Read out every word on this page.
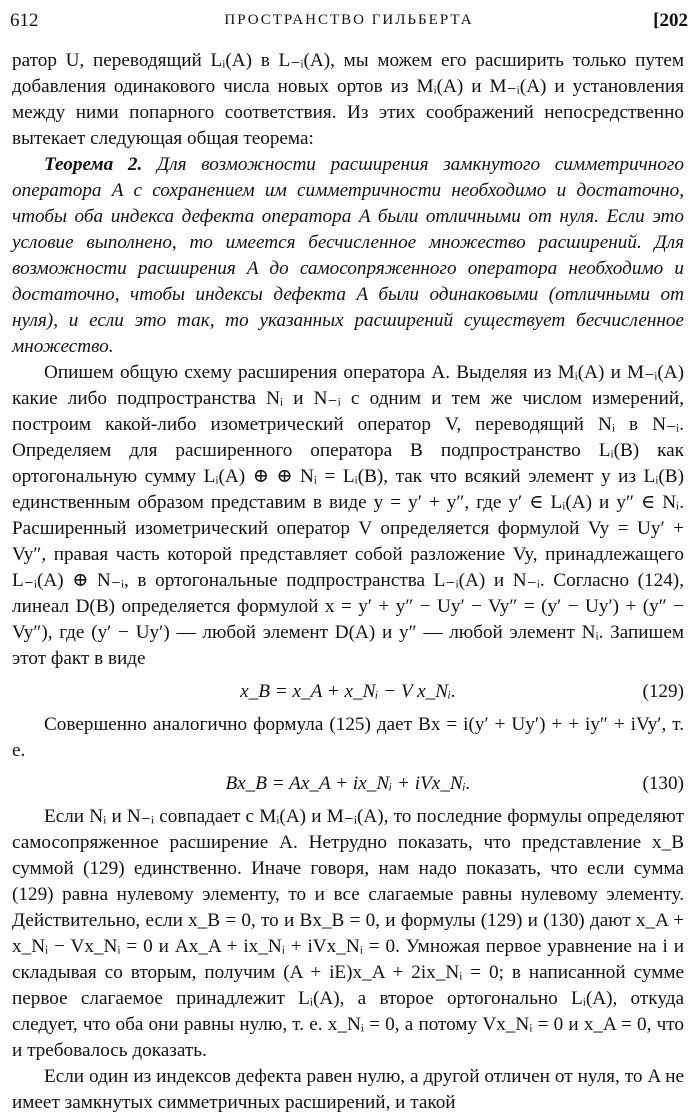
612	ПРОСТРАНСТВО ГИЛЬБЕРТА	[202

ратор U, переводящий Lᵢ(A) в L₋ᵢ(A), мы можем его расширить только путем добавления одинакового числа новых ортов из Mᵢ(A) и M₋ᵢ(A) и установления между ними попарного соответствия. Из этих соображений непосредственно вытекает следующая общая теорема:

Теорема 2. Для возможности расширения замкнутого симметричного оператора A с сохранением им симметричности необходимо и достаточно, чтобы оба индекса дефекта оператора A были отличными от нуля. Если это условие выполнено, то имеется бесчисленное множество расширений. Для возможности расширения A до самосопряженного оператора необходимо и достаточно, чтобы индексы дефекта A были одинаковыми (отличными от нуля), и если это так, то указанных расширений существует бесчисленное множество.

Опишем общую схему расширения оператора A. Выделяя из Mᵢ(A) и M₋ᵢ(A) какие либо подпространства Nᵢ и N₋ᵢ с одним и тем же числом измерений, построим какой-либо изометрический оператор V, переводящий Nᵢ в N₋ᵢ. Определяем для расширенного оператора B подпространство Lᵢ(B) как ортогональную сумму Lᵢ(A) ⊕ ⊕ Nᵢ = Lᵢ(B), так что всякий элемент y из Lᵢ(B) единственным образом представим в виде y = y′ + y″, где y′ ∈ Lᵢ(A) и y″ ∈ Nᵢ. Расширенный изометрический оператор V определяется формулой Vy = Uy′ + Vy″, правая часть которой представляет собой разложение Vy, принадлежащего L₋ᵢ(A) ⊕ N₋ᵢ, в ортогональные подпространства L₋ᵢ(A) и N₋ᵢ. Согласно (124), линеал D(B) определяется формулой x = y′ + y″ − Uy′ − Vy″ = (y′ − Uy′) + (y″ − Vy″), где (y′ − Uy′) — любой элемент D(A) и y″ — любой элемент Nᵢ. Запишем этот факт в виде

x_B = x_A + x_Nᵢ − V x_Nᵢ.	(129)

Совершенно аналогично формула (125) дает Bx = i(y′ + Uy′) + + iy″ + iVy′, т. е.

Bx_B = Ax_A + ix_Nᵢ + iVx_Nᵢ.	(130)

Если Nᵢ и N₋ᵢ совпадает с Mᵢ(A) и M₋ᵢ(A), то последние формулы определяют самосопряженное расширение A. Нетрудно показать, что представление x_B суммой (129) единственно. Иначе говоря, нам надо показать, что если сумма (129) равна нулевому элементу, то и все слагаемые равны нулевому элементу. Действительно, если x_B = 0, то и Bx_B = 0, и формулы (129) и (130) дают x_A + x_Nᵢ − Vx_Nᵢ = 0 и Ax_A + ix_Nᵢ + iVx_Nᵢ = 0. Умножая первое уравнение на i и складывая со вторым, получим (A + iE)x_A + 2ix_Nᵢ = 0; в написанной сумме первое слагаемое принадлежит Lᵢ(A), а второе ортогонально Lᵢ(A), откуда следует, что оба они равны нулю, т. е. x_Nᵢ = 0, а потому Vx_Nᵢ = 0 и x_A = 0, что и требовалось доказать.

Если один из индексов дефекта равен нулю, а другой отличен от нуля, то A не имеет замкнутых симметричных расширений, и такой
